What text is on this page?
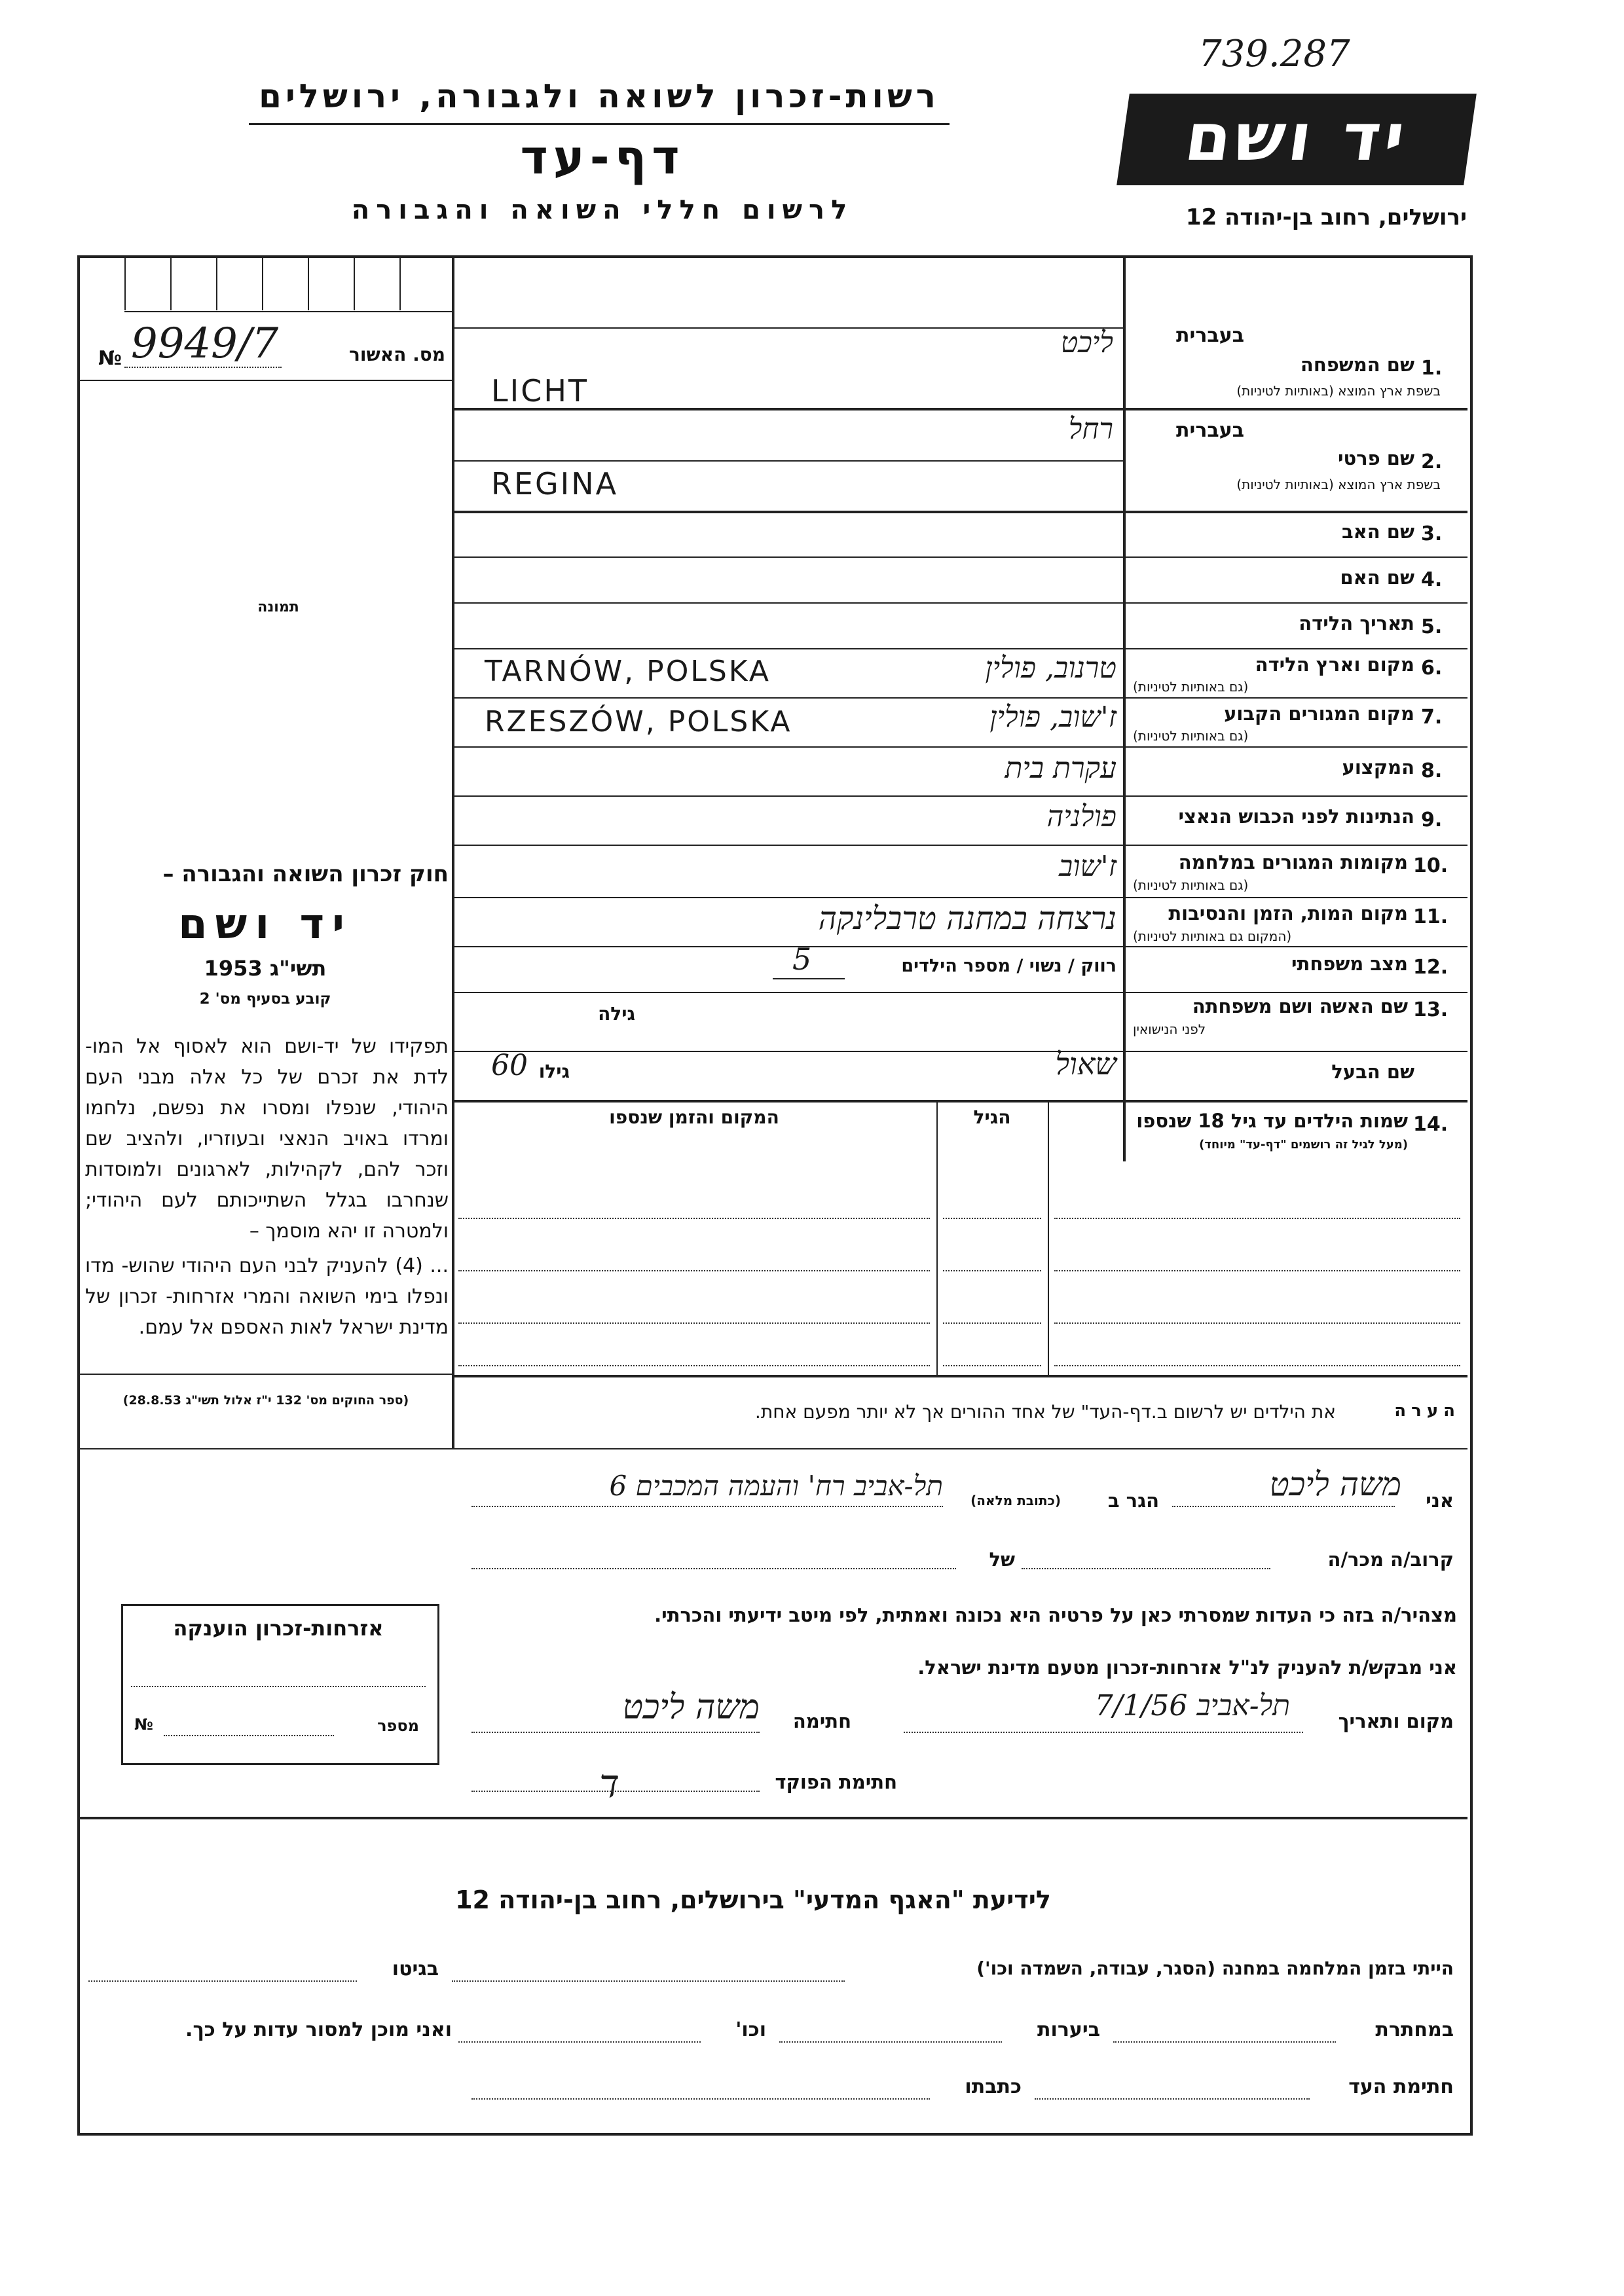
739.287
רשות-זכרון לשואה ולגבורה, ירושלים
דף-עד
לרשום חללי השואה והגבורה
יד ושם
ירושלים, רחוב בן-יהודה 12
№ 9949/7	מס. האשור
תמונה
חוק זכרון השואה והגבורה –
יד ושם
תשי"ג 1953
קובע בסעיף מס' 2
תפקידו של יד-ושם הוא לאסוף אל המו- לדת את זכרם של כל אלה מבני העם היהודי, שנפלו ומסרו את נפשם, נלחמו ומרדו באויב הנאצי ובעוזריו, ולהציב שם וזכר להם, לקהילות, לארגונים ולמוסדות שנחרבו בגלל השתייכותם לעם היהודי; ולמטרה זו יהא מוסמך –
... (4) להעניק לבני העם היהודי שהוש- מדו ונפלו בימי השואה והמרי אזרחות- זכרון של מדינת ישראל לאות האספם אל עמם.
(ספר החוקים מס' 132 י"ז אלול תשי"ג 28.8.53)
בעברית
1.
שם המשפחה
בשפת ארץ המוצא (באותיות לטיניות)
ליכט
LICHT
בעברית
2.
שם פרטי
בשפת ארץ המוצא (באותיות לטיניות)
רחל
REGINA
3.
שם האב
4.
שם האם
5.
תאריך הלידה
6.
מקום וארץ הלידה
(גם באותיות לטיניות)
טרנוב, פולין
TARNÓW, POLSKA
7.
מקום המגורים הקבוע
(גם באותיות לטיניות)
ז'שוב, פולין
RZESZÓW, POLSKA
8.
המקצוע
עקרת בית
9.
הנתינות לפני הכבוש הנאצי
פולניה
10.
מקומות המגורים במלחמה
(גם באותיות לטיניות)
ז'שוב
11.
מקום המות, הזמן והנסיבות
(המקום גם באותיות לטיניות)
נרצחה במחנה טרבלינקה
12.
מצב משפחתי
רווק / נשוי / מספר הילדים
5
13.
שם האשה ושם משפחתה
לפני הנישואין
גילה
שם הבעל
שאול
גילו
60
14.
שמות הילדים עד גיל 18 שנספו
(מעל לגיל זה רושמים "דף-עד" מיוחד)
הגיל
המקום והזמן שנספו
הערה
את הילדים יש לרשום ב.דף-העד" של אחד ההורים אך לא יותר מפעם אחת.
אני
משה ליכט
הגר ב
(כתובת מלאה)
תל-אביב רח' והעמה המכבים 6
קרוב/ה מכר/ה
של
מצהיר/ה בזה כי העדות שמסרתי כאן על פרטיה היא נכונה ואמתית, לפי מיטב ידיעתי והכרתי.
אני מבקש/ת להעניק לנ"ל אזרחות-זכרון מטעם מדינת ישראל.
מקום ותאריך
תל-אביב 7/1/56
חתימה
משה ליכט
חתימת הפוקד
ד
אזרחות-זכרון הוענקה
מספר
№
לידיעת "האגף המדעי" בירושלים, רחוב בן-יהודה 12
הייתי בזמן המלחמה במחנה (הסגר, עבודה, השמדה וכו')
בגיטו
במחתרת
ביערות
וכו'
ואני מוכן למסור עדות על כך.
חתימת העד
כתבתו
